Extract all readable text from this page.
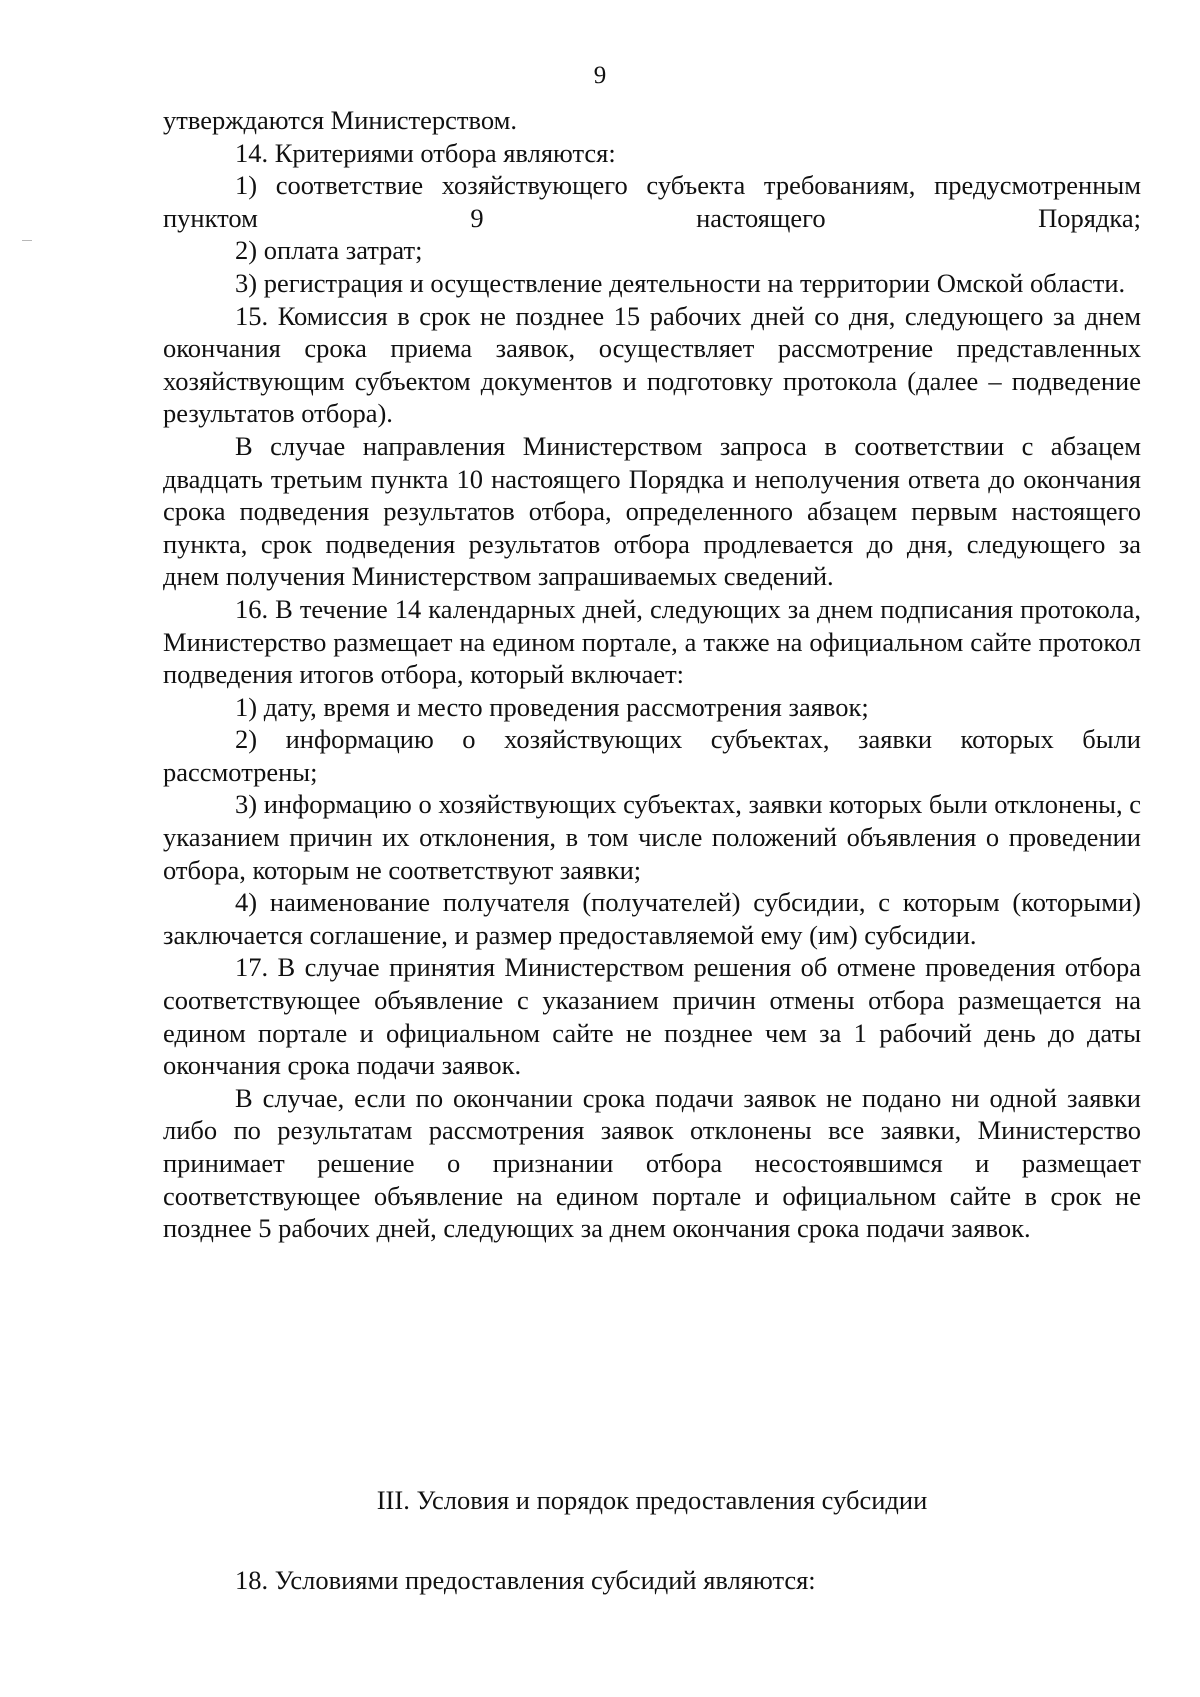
9

утверждаются Министерством.

14. Критериями отбора являются:

1) соответствие хозяйствующего субъекта требованиям, предусмотренным пунктом 9 настоящего Порядка;

2) оплата затрат;

3) регистрация и осуществление деятельности на территории Омской области.

15. Комиссия в срок не позднее 15 рабочих дней со дня, следующего за днем окончания срока приема заявок, осуществляет рассмотрение представленных хозяйствующим субъектом документов и подготовку протокола (далее – подведение результатов отбора).

В случае направления Министерством запроса в соответствии с абзацем двадцать третьим пункта 10 настоящего Порядка и неполучения ответа до окончания срока подведения результатов отбора, определенного абзацем первым настоящего пункта, срок подведения результатов отбора продлевается до дня, следующего за днем получения Министерством запрашиваемых сведений.

16. В течение 14 календарных дней, следующих за днем подписания протокола, Министерство размещает на едином портале, а также на официальном сайте протокол подведения итогов отбора, который включает:

1) дату, время и место проведения рассмотрения заявок;

2) информацию о хозяйствующих субъектах, заявки которых были рассмотрены;

3) информацию о хозяйствующих субъектах, заявки которых были отклонены, с указанием причин их отклонения, в том числе положений объявления о проведении отбора, которым не соответствуют заявки;

4) наименование получателя (получателей) субсидии, с которым (которыми) заключается соглашение, и размер предоставляемой ему (им) субсидии.

17. В случае принятия Министерством решения об отмене проведения отбора соответствующее объявление с указанием причин отмены отбора размещается на едином портале и официальном сайте не позднее чем за 1 рабочий день до даты окончания срока подачи заявок.

В случае, если по окончании срока подачи заявок не подано ни одной заявки либо по результатам рассмотрения заявок отклонены все заявки, Министерство принимает решение о признании отбора несостоявшимся и размещает соответствующее объявление на едином портале и официальном сайте в срок не позднее 5 рабочих дней, следующих за днем окончания срока подачи заявок.

III. Условия и порядок предоставления субсидии
18. Условиями предоставления субсидий являются:
